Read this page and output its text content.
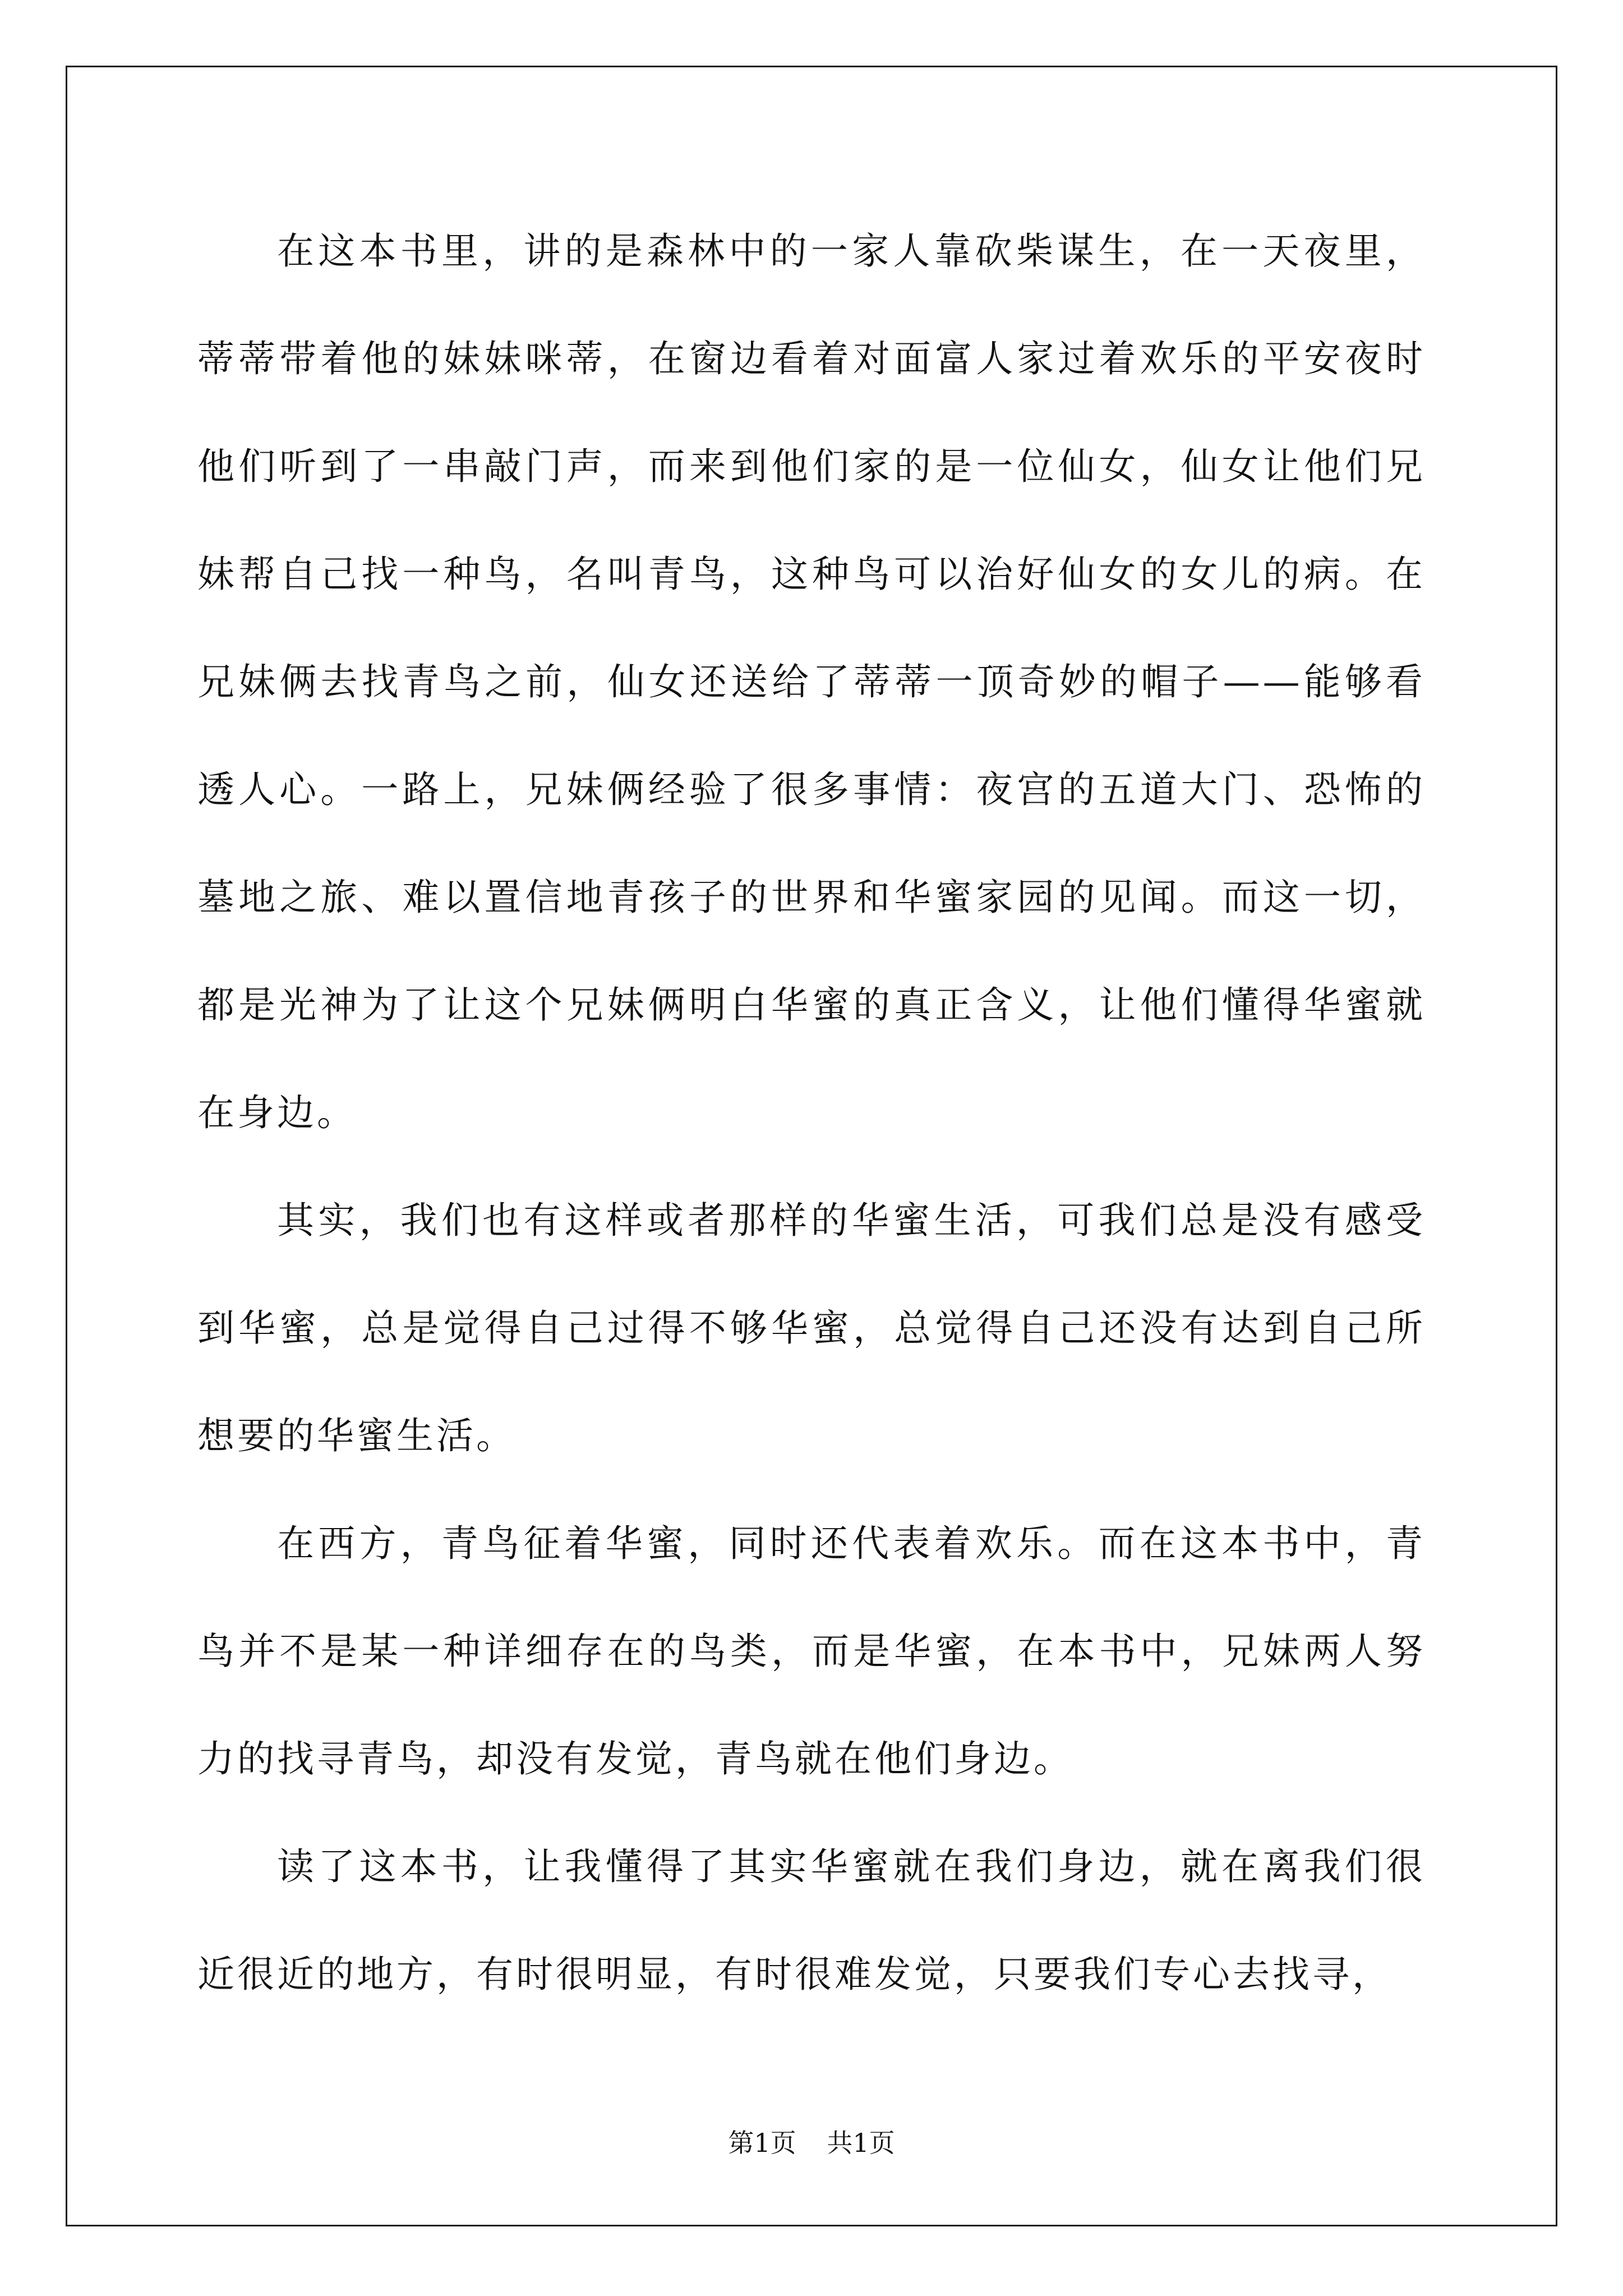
在这本书里，讲的是森林中的一家人靠砍柴谋生，在一天夜里，蒂蒂带着他的妹妹咪蒂，在窗边看着对面富人家过着欢乐的平安夜时他们听到了一串敲门声，而来到他们家的是一位仙女，仙女让他们兄妹帮自己找一种鸟，名叫青鸟，这种鸟可以治好仙女的女儿的病。在兄妹俩去找青鸟之前，仙女还送给了蒂蒂一顶奇妙的帽子——能够看透人心。一路上，兄妹俩经验了很多事情：夜宫的五道大门、恐怖的墓地之旅、难以置信地青孩子的世界和华蜜家园的见闻。而这一切，都是光神为了让这个兄妹俩明白华蜜的真正含义，让他们懂得华蜜就在身边。

其实，我们也有这样或者那样的华蜜生活，可我们总是没有感受到华蜜，总是觉得自己过得不够华蜜，总觉得自己还没有达到自己所想要的华蜜生活。

在西方，青鸟征着华蜜，同时还代表着欢乐。而在这本书中，青鸟并不是某一种详细存在的鸟类，而是华蜜，在本书中，兄妹两人努力的找寻青鸟，却没有发觉，青鸟就在他们身边。

读了这本书，让我懂得了其实华蜜就在我们身边，就在离我们很近很近的地方，有时很明显，有时很难发觉，只要我们专心去找寻，

第1页 共1页
